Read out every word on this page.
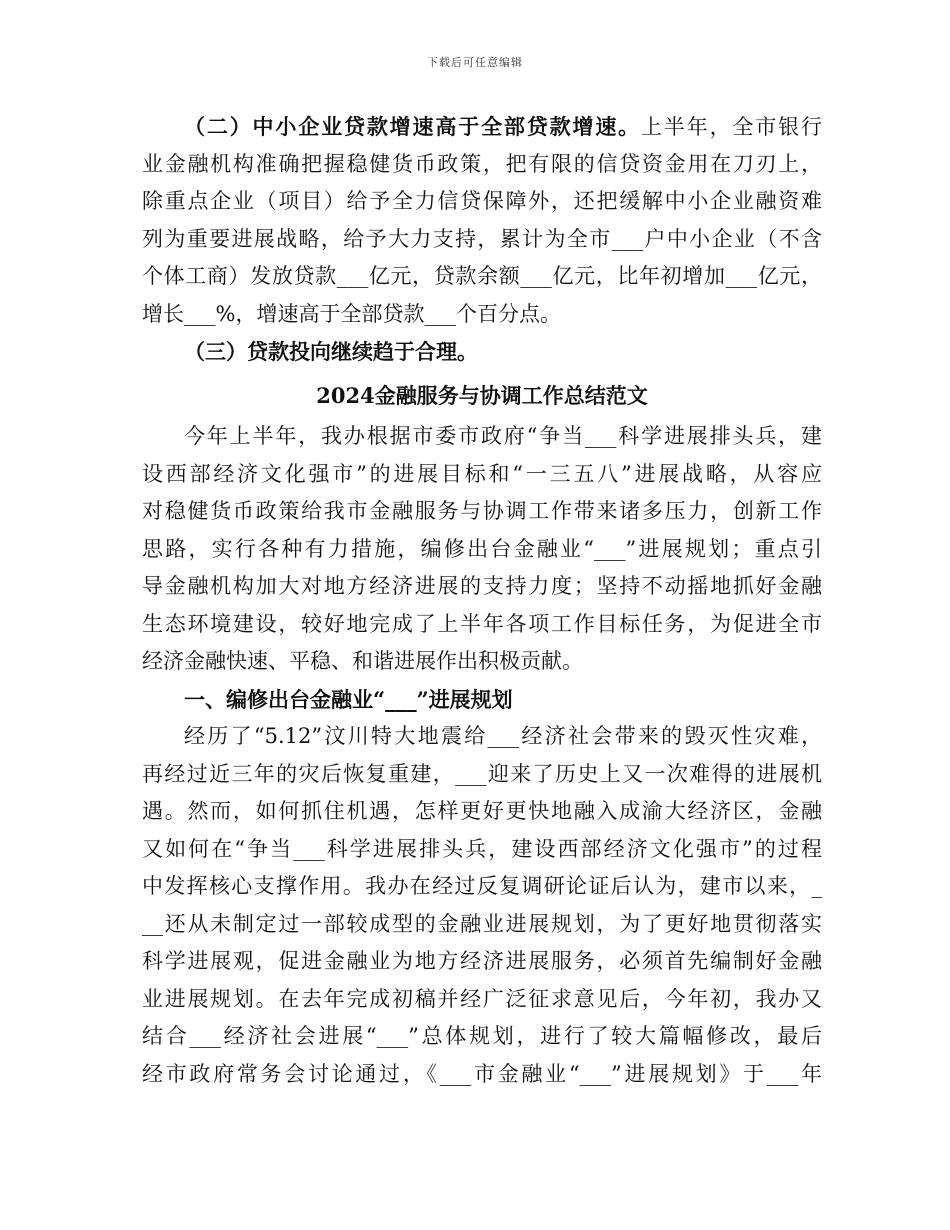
下载后可任意编辑
（二）中小企业贷款增速高于全部贷款增速。上半年，全市银行
业金融机构准确把握稳健货币政策，把有限的信贷资金用在刀刃上，
除重点企业（项目）给予全力信贷保障外，还把缓解中小企业融资难
列为重要进展战略，给予大力支持，累计为全市___户中小企业（不含
个体工商）发放贷款___亿元，贷款余额___亿元，比年初增加___亿元，
增长___%，增速高于全部贷款___个百分点。
（三）贷款投向继续趋于合理。
2024金融服务与协调工作总结范文
今年上半年，我办根据市委市政府“争当___科学进展排头兵，建
设西部经济文化强市”的进展目标和“一三五八”进展战略，从容应
对稳健货币政策给我市金融服务与协调工作带来诸多压力，创新工作
思路，实行各种有力措施，编修出台金融业“___”进展规划；重点引
导金融机构加大对地方经济进展的支持力度；坚持不动摇地抓好金融
生态环境建设，较好地完成了上半年各项工作目标任务，为促进全市
经济金融快速、平稳、和谐进展作出积极贡献。
一、编修出台金融业“___”进展规划
经历了“5.12”汶川特大地震给___经济社会带来的毁灭性灾难，
再经过近三年的灾后恢复重建，___迎来了历史上又一次难得的进展机
遇。然而，如何抓住机遇，怎样更好更快地融入成渝大经济区，金融
又如何在“争当___科学进展排头兵，建设西部经济文化强市”的过程
中发挥核心支撑作用。我办在经过反复调研论证后认为，建市以来，_
__还从未制定过一部较成型的金融业进展规划，为了更好地贯彻落实
科学进展观，促进金融业为地方经济进展服务，必须首先编制好金融
业进展规划。在去年完成初稿并经广泛征求意见后，今年初，我办又
结合___经济社会进展“___”总体规划，进行了较大篇幅修改，最后
经市政府常务会讨论通过，《___市金融业“___”进展规划》于___年
